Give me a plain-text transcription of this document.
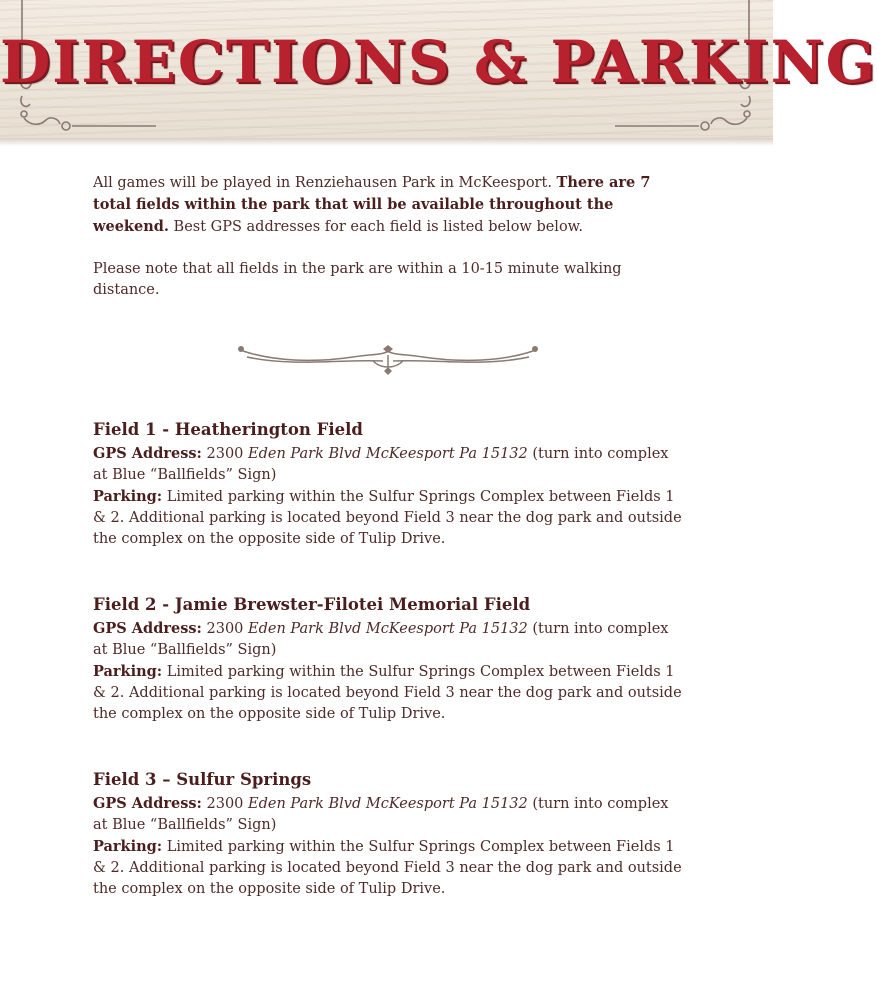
DIRECTIONS & PARKING

All games will be played in Renziehausen Park in McKeesport. There are 7 total fields within the park that will be available throughout the weekend. Best GPS addresses for each field is listed below below.

Please note that all fields in the park are within a 10-15 minute walking distance.

Field 1 - Heatherington Field

GPS Address: 2300 Eden Park Blvd McKeesport Pa 15132 (turn into complex at Blue “Ballfields” Sign)

Parking: Limited parking within the Sulfur Springs Complex between Fields 1 & 2. Additional parking is located beyond Field 3 near the dog park and outside the complex on the opposite side of Tulip Drive.

Field 2 - Jamie Brewster-Filotei Memorial Field

GPS Address: 2300 Eden Park Blvd McKeesport Pa 15132 (turn into complex at Blue “Ballfields” Sign)

Parking: Limited parking within the Sulfur Springs Complex between Fields 1 & 2. Additional parking is located beyond Field 3 near the dog park and outside the complex on the opposite side of Tulip Drive.

Field 3 – Sulfur Springs

GPS Address: 2300 Eden Park Blvd McKeesport Pa 15132 (turn into complex at Blue “Ballfields” Sign)

Parking: Limited parking within the Sulfur Springs Complex between Fields 1 & 2. Additional parking is located beyond Field 3 near the dog park and outside the complex on the opposite side of Tulip Drive.
